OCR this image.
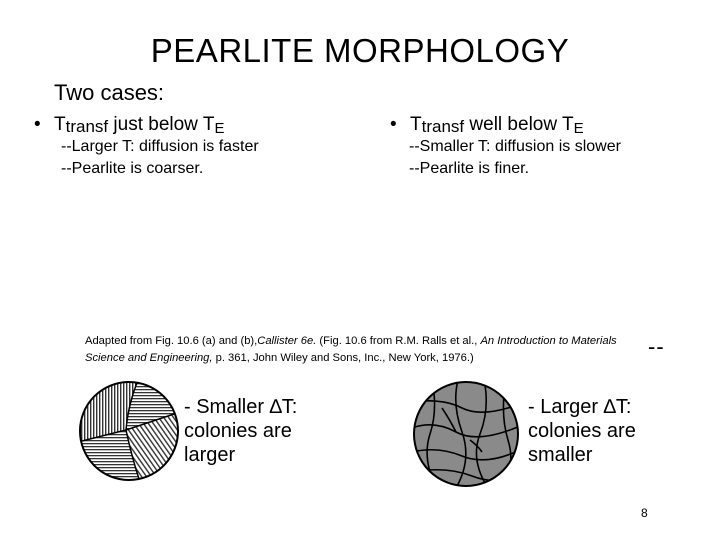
PEARLITE MORPHOLOGY
Two cases:
• Ttransf just below TE
--Larger T: diffusion is faster
--Pearlite is coarser.
• Ttransf well below TE
--Smaller T: diffusion is slower
--Pearlite is finer.
Adapted from Fig. 10.6 (a) and (b),Callister 6e. (Fig. 10.6 from R.M. Ralls et al., An Introduction to Materials Science and Engineering, p. 361, John Wiley and Sons, Inc., New York, 1976.)	--
- Smaller ∆T:
colonies are
larger
- Larger ∆T:
colonies are
smaller
8
